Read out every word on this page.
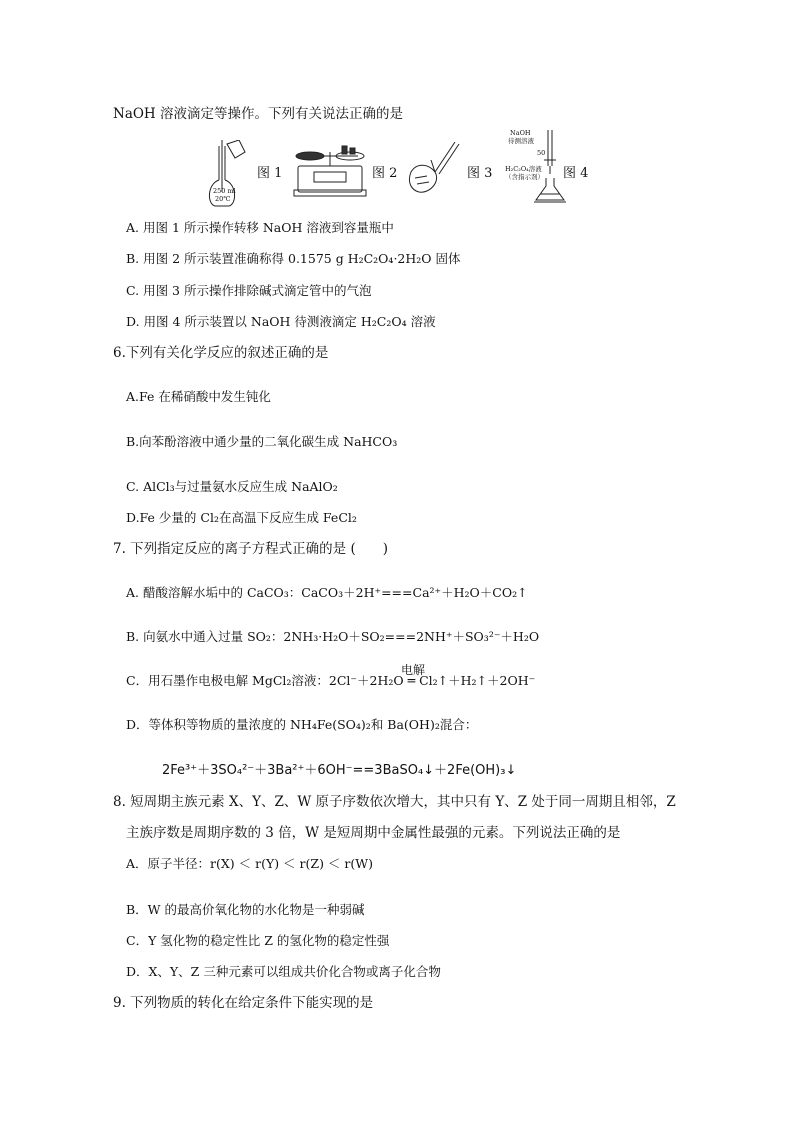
NaOH 溶液滴定等操作。下列有关说法正确的是
250 ml
20℃
图 1	图 2	图 3
NaOH
待测溶液
50
H₂C₂O₄溶液
（含指示剂） 图 4
A. 用图 1 所示操作转移 NaOH 溶液到容量瓶中
B. 用图 2 所示装置准确称得 0.1575 g H₂C₂O₄·2H₂O 固体
C. 用图 3 所示操作排除碱式滴定管中的气泡
D. 用图 4 所示装置以 NaOH 待测液滴定 H₂C₂O₄ 溶液
6.下列有关化学反应的叙述正确的是
A.Fe 在稀硝酸中发生钝化
B.向苯酚溶液中通少量的二氧化碳生成 NaHCO₃
C. AlCl₃与过量氨水反应生成 NaAlO₂
D.Fe 少量的 Cl₂在高温下反应生成 FeCl₂
7. 下列指定反应的离子方程式正确的是 (　　)
A. 醋酸溶解水垢中的 CaCO₃：CaCO₃＋2H⁺===Ca²⁺＋H₂O＋CO₂↑
B. 向氨水中通入过量 SO₂：2NH₃·H₂O＋SO₂===2NH⁺＋SO₃²⁻＋H₂O
电解
C．用石墨作电极电解 MgCl₂溶液：2Cl⁻＋2H₂O ═ Cl₂↑＋H₂↑＋2OH⁻
D．等体积等物质的量浓度的 NH₄Fe(SO₄)₂和 Ba(OH)₂混合：
2Fe³⁺＋3SO₄²⁻＋3Ba²⁺＋6OH⁻==3BaSO₄↓＋2Fe(OH)₃↓
8. 短周期主族元素 X、Y、Z、W 原子序数依次增大，其中只有 Y、Z 处于同一周期且相邻，Z
主族序数是周期序数的 3 倍，W 是短周期中金属性最强的元素。下列说法正确的是
A．原子半径：r(X) ＜ r(Y) ＜ r(Z) ＜ r(W)
B．W 的最高价氧化物的水化物是一种弱碱
C．Y 氢化物的稳定性比 Z 的氢化物的稳定性强
D．X、Y、Z 三种元素可以组成共价化合物或离子化合物
9. 下列物质的转化在给定条件下能实现的是
